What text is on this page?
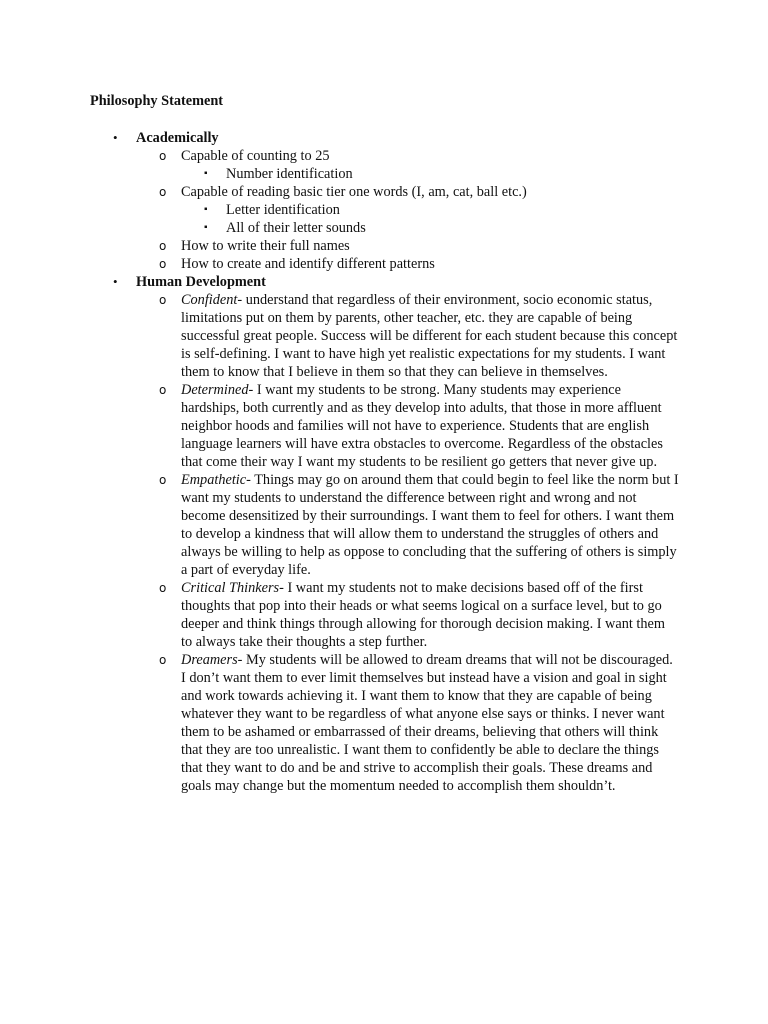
Philosophy Statement
• Academically
o Capable of counting to 25
▪ Number identification
o Capable of reading basic tier one words (I, am, cat, ball etc.)
▪ Letter identification
▪ All of their letter sounds
o How to write their full names
o How to create and identify different patterns
• Human Development
o Confident- understand that regardless of their environment, socio economic status, limitations put on them by parents, other teacher, etc. they are capable of being successful great people. Success will be different for each student because this concept is self-defining. I want to have high yet realistic expectations for my students. I want them to know that I believe in them so that they can believe in themselves.
o Determined- I want my students to be strong. Many students may experience hardships, both currently and as they develop into adults, that those in more affluent neighbor hoods and families will not have to experience. Students that are english language learners will have extra obstacles to overcome. Regardless of the obstacles that come their way I want my students to be resilient go getters that never give up.
o Empathetic- Things may go on around them that could begin to feel like the norm but I want my students to understand the difference between right and wrong and not become desensitized by their surroundings. I want them to feel for others. I want them to develop a kindness that will allow them to understand the struggles of others and always be willing to help as oppose to concluding that the suffering of others is simply a part of everyday life.
o Critical Thinkers- I want my students not to make decisions based off of the first thoughts that pop into their heads or what seems logical on a surface level, but to go deeper and think things through allowing for thorough decision making. I want them to always take their thoughts a step further.
o Dreamers- My students will be allowed to dream dreams that will not be discouraged. I don’t want them to ever limit themselves but instead have a vision and goal in sight and work towards achieving it. I want them to know that they are capable of being whatever they want to be regardless of what anyone else says or thinks. I never want them to be ashamed or embarrassed of their dreams, believing that others will think that they are too unrealistic. I want them to confidently be able to declare the things that they want to do and be and strive to accomplish their goals. These dreams and goals may change but the momentum needed to accomplish them shouldn’t.
